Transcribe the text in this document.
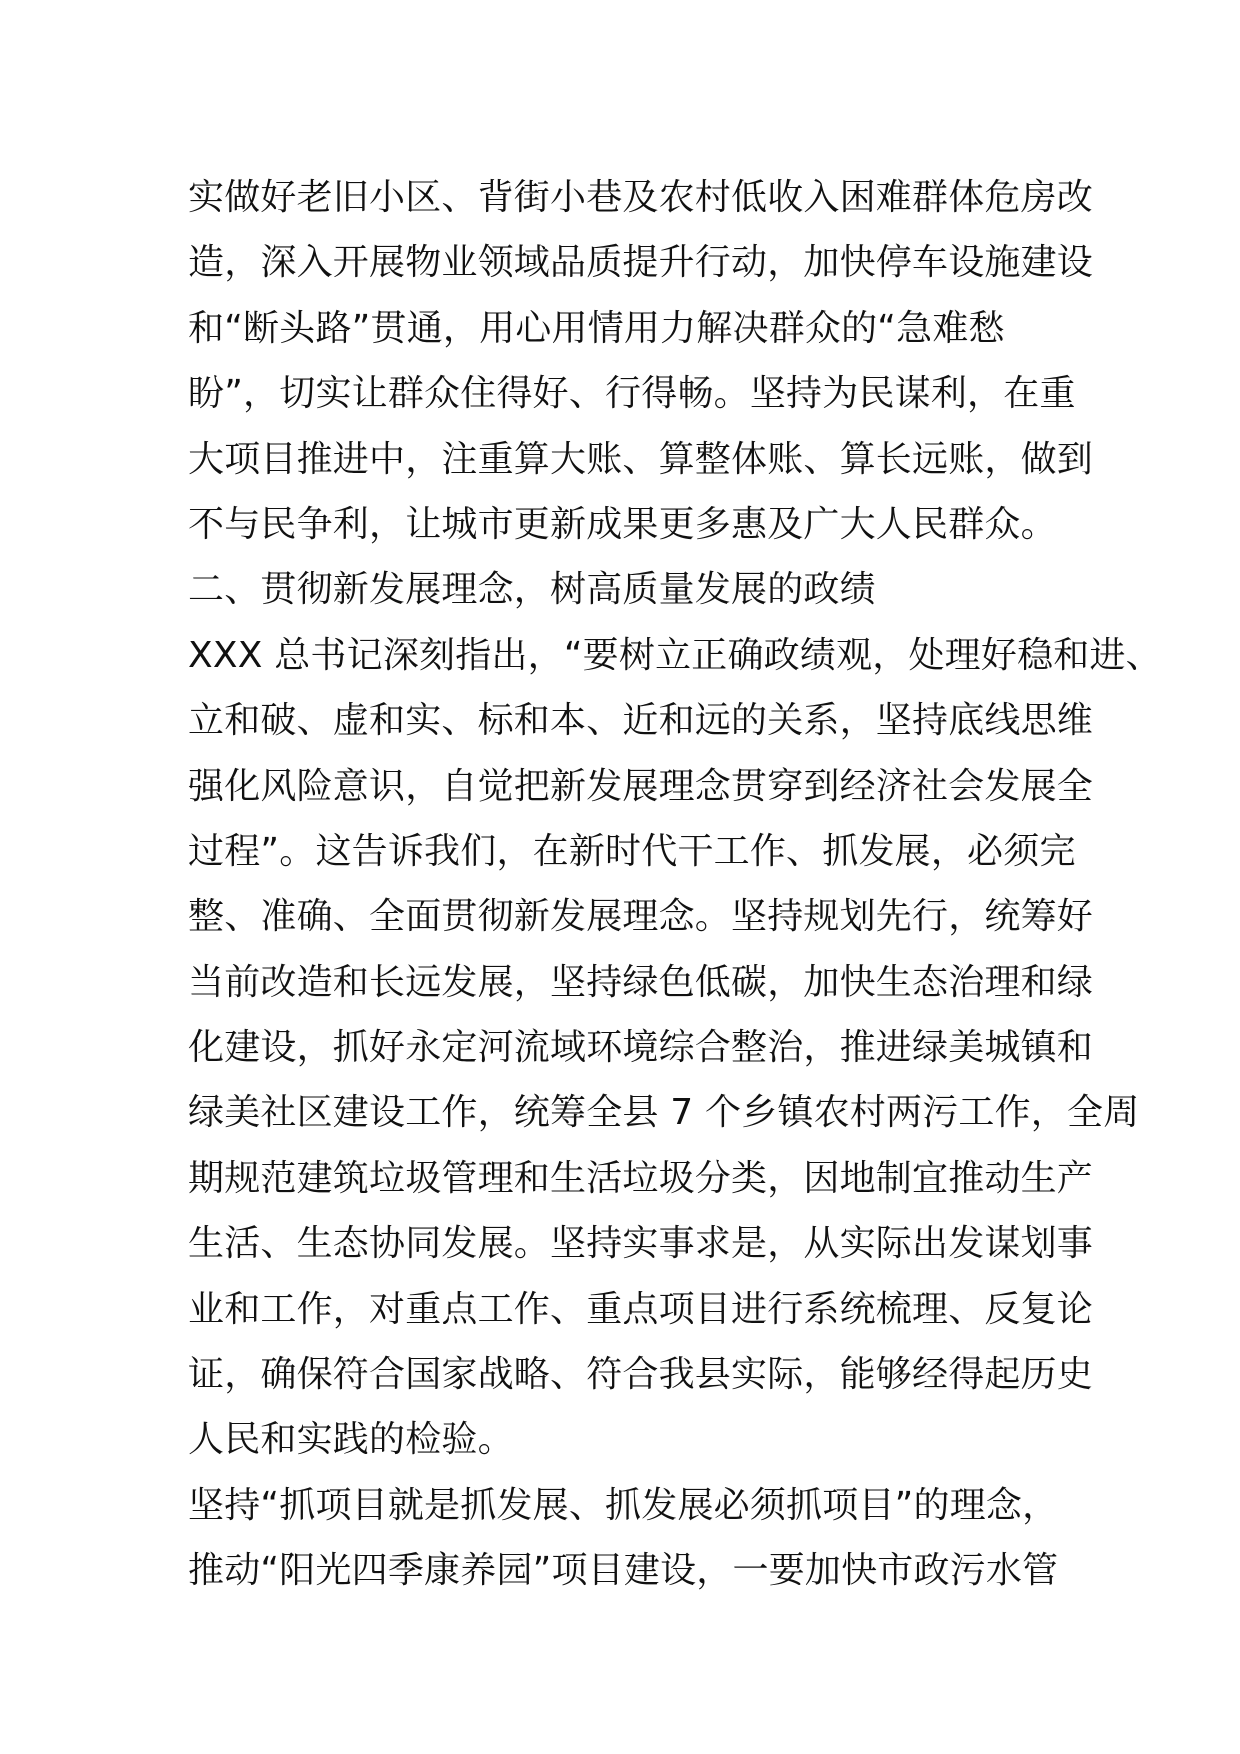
实做好老旧小区、背街小巷及农村低收入困难群体危房改
造，深入开展物业领域品质提升行动，加快停车设施建设
和“断头路”贯通，用心用情用力解决群众的“急难愁
盼”，切实让群众住得好、行得畅。坚持为民谋利，在重
大项目推进中，注重算大账、算整体账、算长远账，做到
不与民争利，让城市更新成果更多惠及广大人民群众。
二、贯彻新发展理念，树高质量发展的政绩
XXX 总书记深刻指出，“要树立正确政绩观，处理好稳和进、
立和破、虚和实、标和本、近和远的关系，坚持底线思维
强化风险意识，自觉把新发展理念贯穿到经济社会发展全
过程”。这告诉我们，在新时代干工作、抓发展，必须完
整、准确、全面贯彻新发展理念。坚持规划先行，统筹好
当前改造和长远发展，坚持绿色低碳，加快生态治理和绿
化建设，抓好永定河流域环境综合整治，推进绿美城镇和
绿美社区建设工作，统筹全县 7 个乡镇农村两污工作，全周
期规范建筑垃圾管理和生活垃圾分类，因地制宜推动生产
生活、生态协同发展。坚持实事求是，从实际出发谋划事
业和工作，对重点工作、重点项目进行系统梳理、反复论
证，确保符合国家战略、符合我县实际，能够经得起历史
人民和实践的检验。
坚持“抓项目就是抓发展、抓发展必须抓项目”的理念，
推动“阳光四季康养园”项目建设，一要加快市政污水管
